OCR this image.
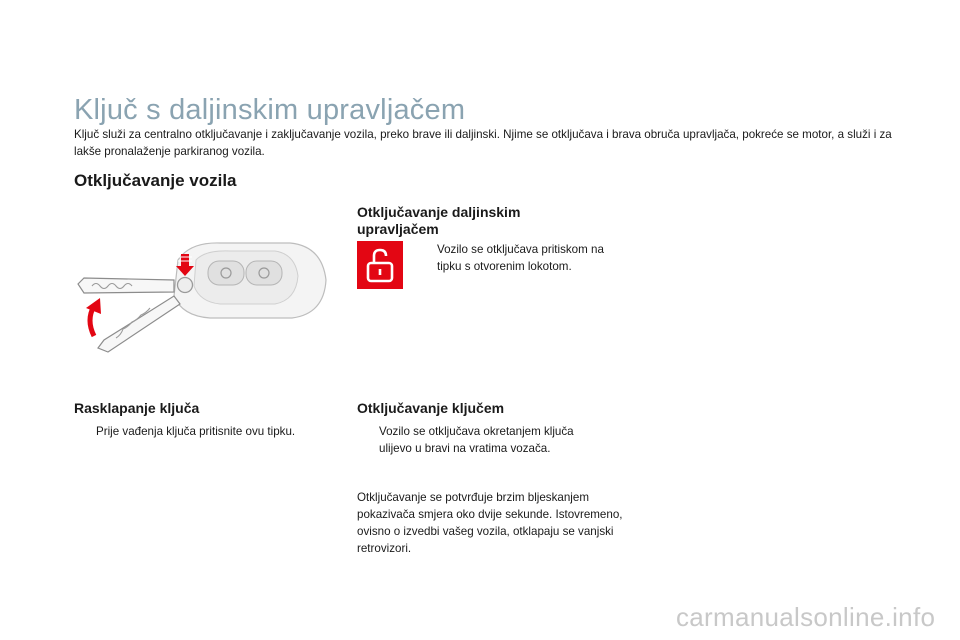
Ključ s daljinskim upravljačem

Ključ služi za centralno otključavanje i zaključavanje vozila, preko brave ili daljinski. Njime se otključava i brava obruča upravljača, pokreće se motor, a služi i za lakše pronalaženje parkiranog vozila.

Otključavanje vozila
Otključavanje daljinskim upravljačem
Vozilo se otključava pritiskom na tipku s otvorenim lokotom.
Rasklapanje ključa
Prije vađenja ključa pritisnite ovu tipku.
Otključavanje ključem
Vozilo se otključava okretanjem ključa ulijevo u bravi na vratima vozača.

Otključavanje se potvrđuje brzim bljeskanjem pokazivača smjera oko dvije sekunde. Istovremeno, ovisno o izvedbi vašeg vozila, otklapaju se vanjski retrovizori.

carmanualsonline.info
